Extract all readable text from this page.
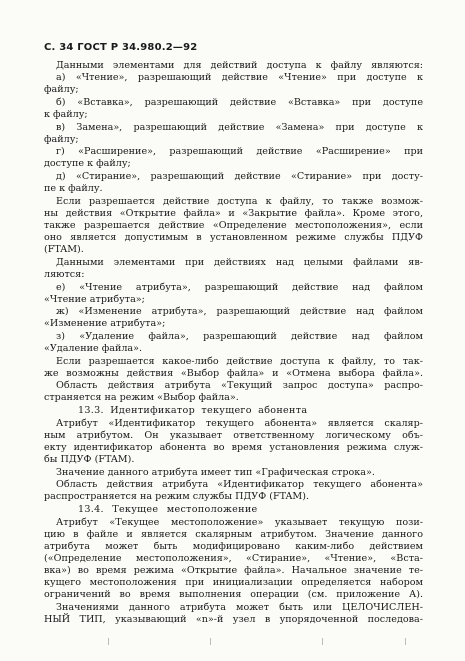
С. 34 ГОСТ Р 34.980.2—92
Данными элементами для действий доступа к файлу являются:
а) «Чтение», разрешающий действие «Чтение» при доступе к
файлу;
б) «Вставка», разрешающий действие «Вставка» при доступе
к файлу;
в) Замена», разрешающий действие «Замена» при доступе к
файлу;
г) «Расширение», разрешающий действие «Расширение» при
доступе к файлу;
д) «Стирание», разрешающий действие «Стирание» при досту-
пе к файлу.
Если разрешается действие доступа к файлу, то также возмож-
ны действия «Открытие файла» и «Закрытие файла». Кроме этого,
также разрешается действие «Определение местоположения», если
оно является допустимым в установленном режиме службы ПДУФ
(FTAM).
Данными элементами при действиях над целыми файлами яв-
ляются:
е) «Чтение атрибута», разрешающий действие над файлом
«Чтение атрибута»;
ж) «Изменение атрибута», разрешающий действие над файлом
«Изменение атрибута»;
з) «Удаление файла», разрешающий действие над файлом
«Удаление файла».
Если разрешается какое-либо действие доступа к файлу, то так-
же возможны действия «Выбор файла» и «Отмена выбора файла».
Область действия атрибута «Текущий запрос доступа» распро-
страняется на режим «Выбор файла».
13.3. Идентификатор текущего абонента
Атрибут «Идентификатор текущего абонента» является скаляр-
ным атрибутом. Он указывает ответственному логическому объ-
екту идентификатор абонента во время установления режима служ-
бы ПДУФ (FTAM).
Значение данного атрибута имеет тип «Графическая строка».
Область действия атрибута «Идентификатор текущего абонента»
распространяется на режим службы ПДУФ (FTAM).
13.4. Текущее местоположение
Атрибут «Текущее местоположение» указывает текущую пози-
цию в файле и является скалярным атрибутом. Значение данного
атрибута может быть модифицировано каким-либо действием
(«Определение местоположения», «Стирание», «Чтение», «Вста-
вка») во время режима «Открытие файла». Начальное значение те-
кущего местоположения при инициализации определяется набором
ограничений во время выполнения операции (см. приложение А).
Значениями данного атрибута может быть или ЦЕЛОЧИСЛЕН-
НЫЙ ТИП, указывающий «n»-й узел в упорядоченной последова-
